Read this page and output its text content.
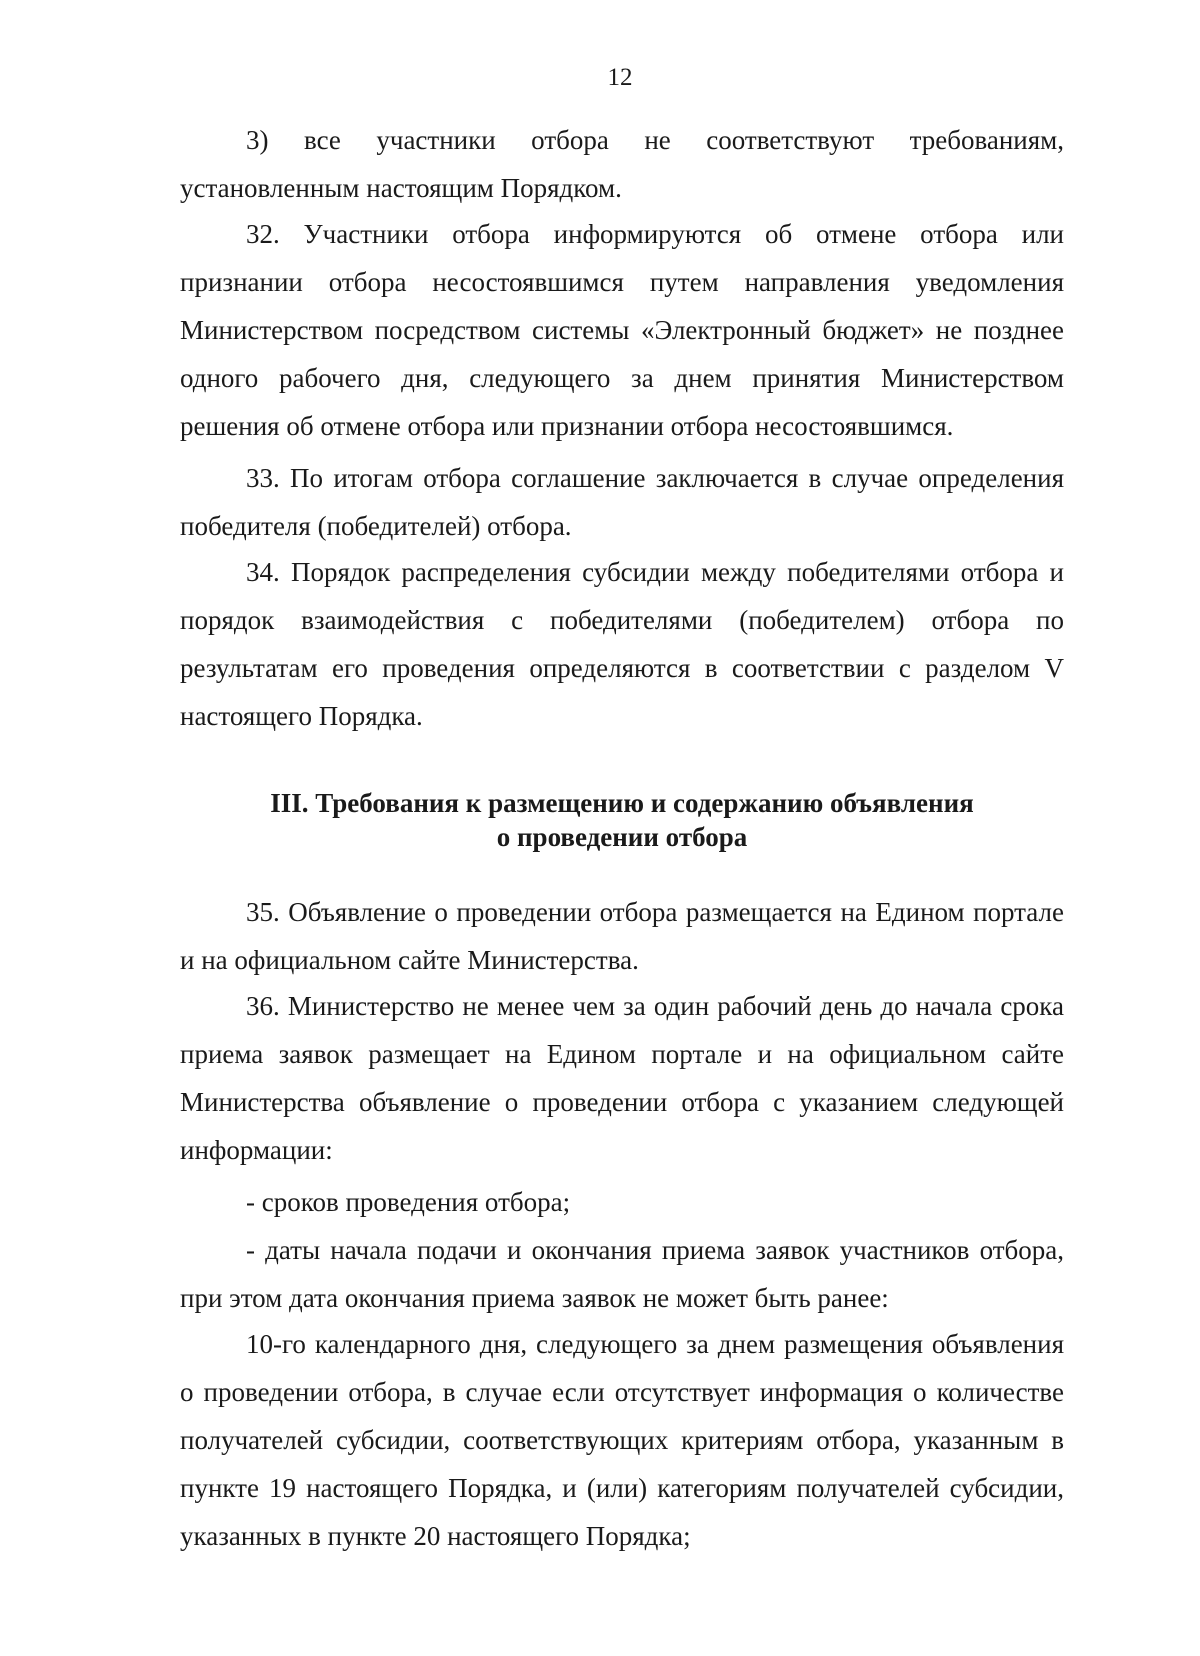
12

3) все участники отбора не соответствуют требованиям, установленным настоящим Порядком.

32. Участники отбора информируются об отмене отбора или признании отбора несостоявшимся путем направления уведомления Министерством посредством системы «Электронный бюджет» не позднее одного рабочего дня, следующего за днем принятия Министерством решения об отмене отбора или признании отбора несостоявшимся.

33. По итогам отбора соглашение заключается в случае определения победителя (победителей) отбора.

34. Порядок распределения субсидии между победителями отбора и порядок взаимодействия с победителями (победителем) отбора по результатам его проведения определяются в соответствии с разделом V настоящего Порядка.

III. Требования к размещению и содержанию объявления
о проведении отбора

35. Объявление о проведении отбора размещается на Едином портале и на официальном сайте Министерства.

36. Министерство не менее чем за один рабочий день до начала срока приема заявок размещает на Едином портале и на официальном сайте Министерства объявление о проведении отбора с указанием следующей информации:

- сроков проведения отбора;

- даты начала подачи и окончания приема заявок участников отбора, при этом дата окончания приема заявок не может быть ранее:

10-го календарного дня, следующего за днем размещения объявления о проведении отбора, в случае если отсутствует информация о количестве получателей субсидии, соответствующих критериям отбора, указанным в пункте 19 настоящего Порядка, и (или) категориям получателей субсидии, указанных в пункте 20 настоящего Порядка;
